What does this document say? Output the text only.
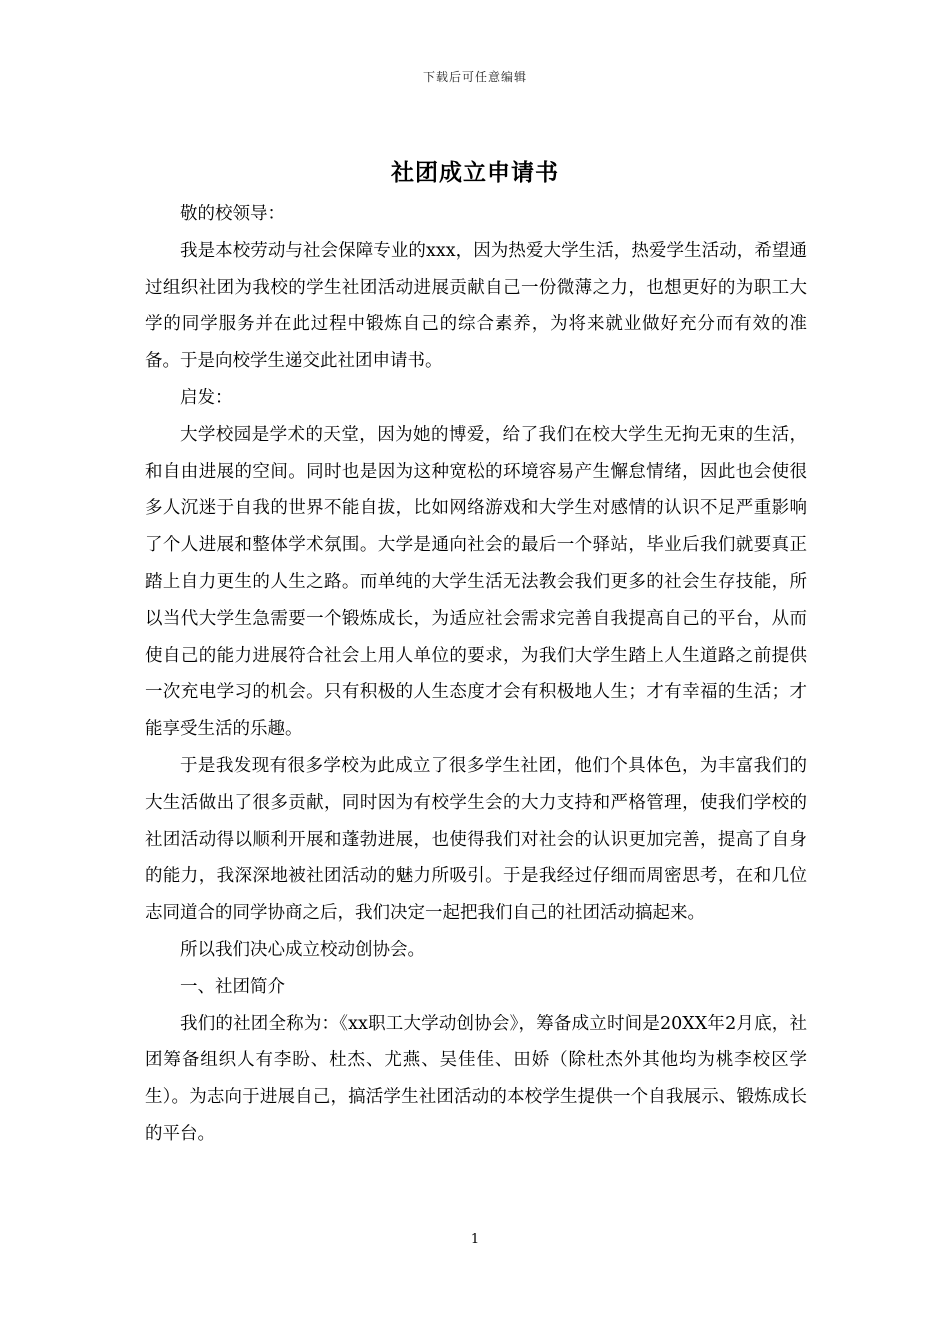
下载后可任意编辑
社团成立申请书

敬的校领导：

我是本校劳动与社会保障专业的xxx，因为热爱大学生活，热爱学生活动，希望通过组织社团为我校的学生社团活动进展贡献自己一份微薄之力，也想更好的为职工大学的同学服务并在此过程中锻炼自己的综合素养，为将来就业做好充分而有效的准备。于是向校学生递交此社团申请书。

启发：

大学校园是学术的天堂，因为她的博爱，给了我们在校大学生无拘无束的生活，和自由进展的空间。同时也是因为这种宽松的环境容易产生懈怠情绪，因此也会使很多人沉迷于自我的世界不能自拔，比如网络游戏和大学生对感情的认识不足严重影响了个人进展和整体学术氛围。大学是通向社会的最后一个驿站，毕业后我们就要真正踏上自力更生的人生之路。而单纯的大学生活无法教会我们更多的社会生存技能，所以当代大学生急需要一个锻炼成长，为适应社会需求完善自我提高自己的平台，从而使自己的能力进展符合社会上用人单位的要求，为我们大学生踏上人生道路之前提供一次充电学习的机会。只有积极的人生态度才会有积极地人生；才有幸福的生活；才能享受生活的乐趣。

于是我发现有很多学校为此成立了很多学生社团，他们个具体色，为丰富我们的大生活做出了很多贡献，同时因为有校学生会的大力支持和严格管理，使我们学校的社团活动得以顺利开展和蓬勃进展，也使得我们对社会的认识更加完善，提高了自身的能力，我深深地被社团活动的魅力所吸引。于是我经过仔细而周密思考，在和几位志同道合的同学协商之后，我们决定一起把我们自己的社团活动搞起来。

所以我们决心成立校动创协会。

一、社团简介

我们的社团全称为：《xx职工大学动创协会》，筹备成立时间是20XX年2月底，社团筹备组织人有李盼、杜杰、尤燕、吴佳佳、田娇（除杜杰外其他均为桃李校区学生）。为志向于进展自己，搞活学生社团活动的本校学生提供一个自我展示、锻炼成长的平台。

1
